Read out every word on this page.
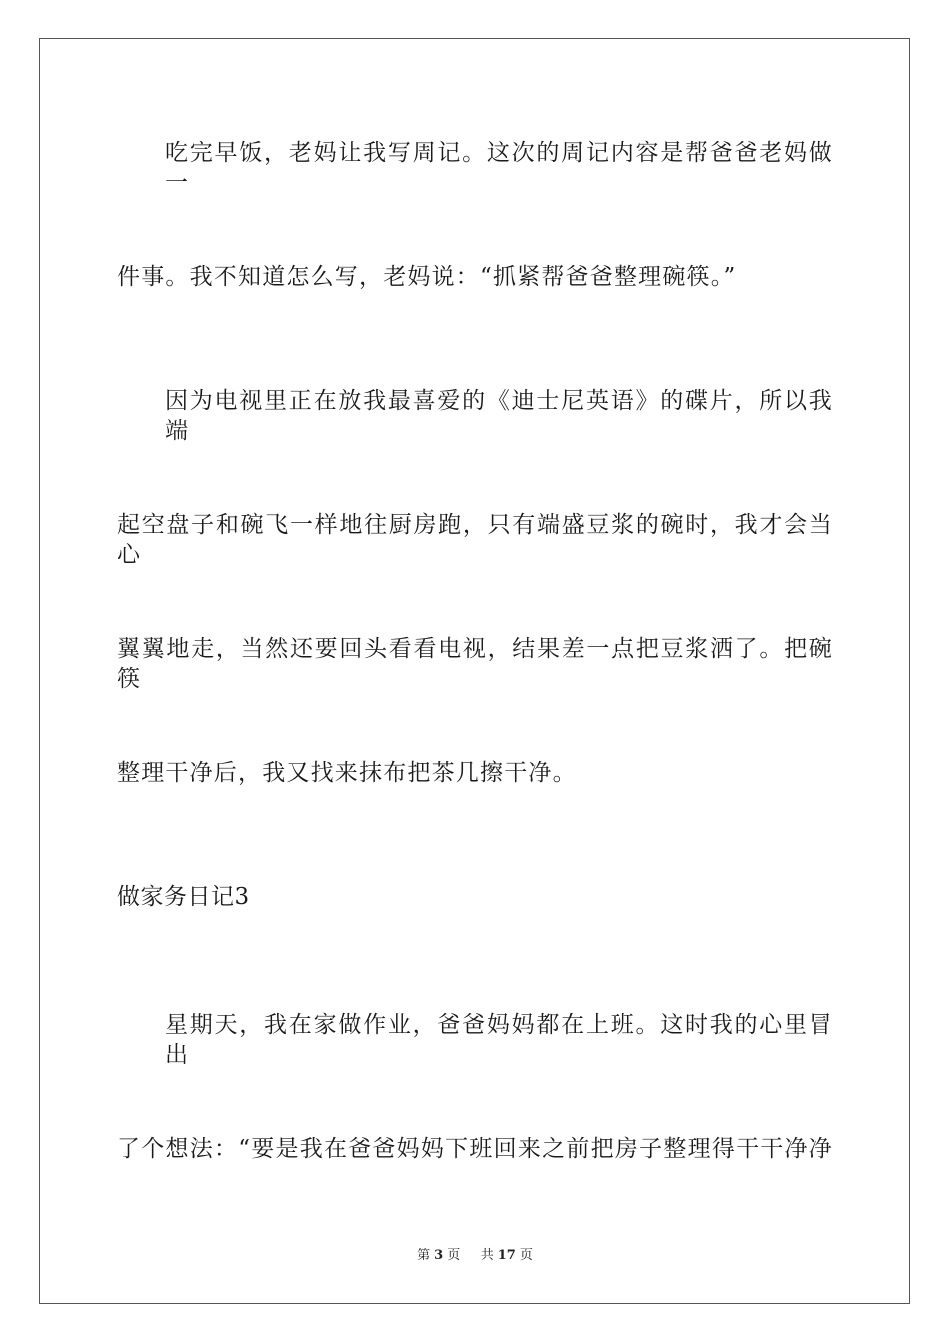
吃完早饭，老妈让我写周记。这次的周记内容是帮爸爸老妈做一
件事。我不知道怎么写，老妈说：“抓紧帮爸爸整理碗筷。”
因为电视里正在放我最喜爱的《迪士尼英语》的碟片，所以我端
起空盘子和碗飞一样地往厨房跑，只有端盛豆浆的碗时，我才会当心
翼翼地走，当然还要回头看看电视，结果差一点把豆浆洒了。把碗筷
整理干净后，我又找来抹布把茶几擦干净。
做家务日记3
星期天，我在家做作业，爸爸妈妈都在上班。这时我的心里冒出
了个想法：“要是我在爸爸妈妈下班回来之前把房子整理得干干净净
第 3 页 共 17 页
